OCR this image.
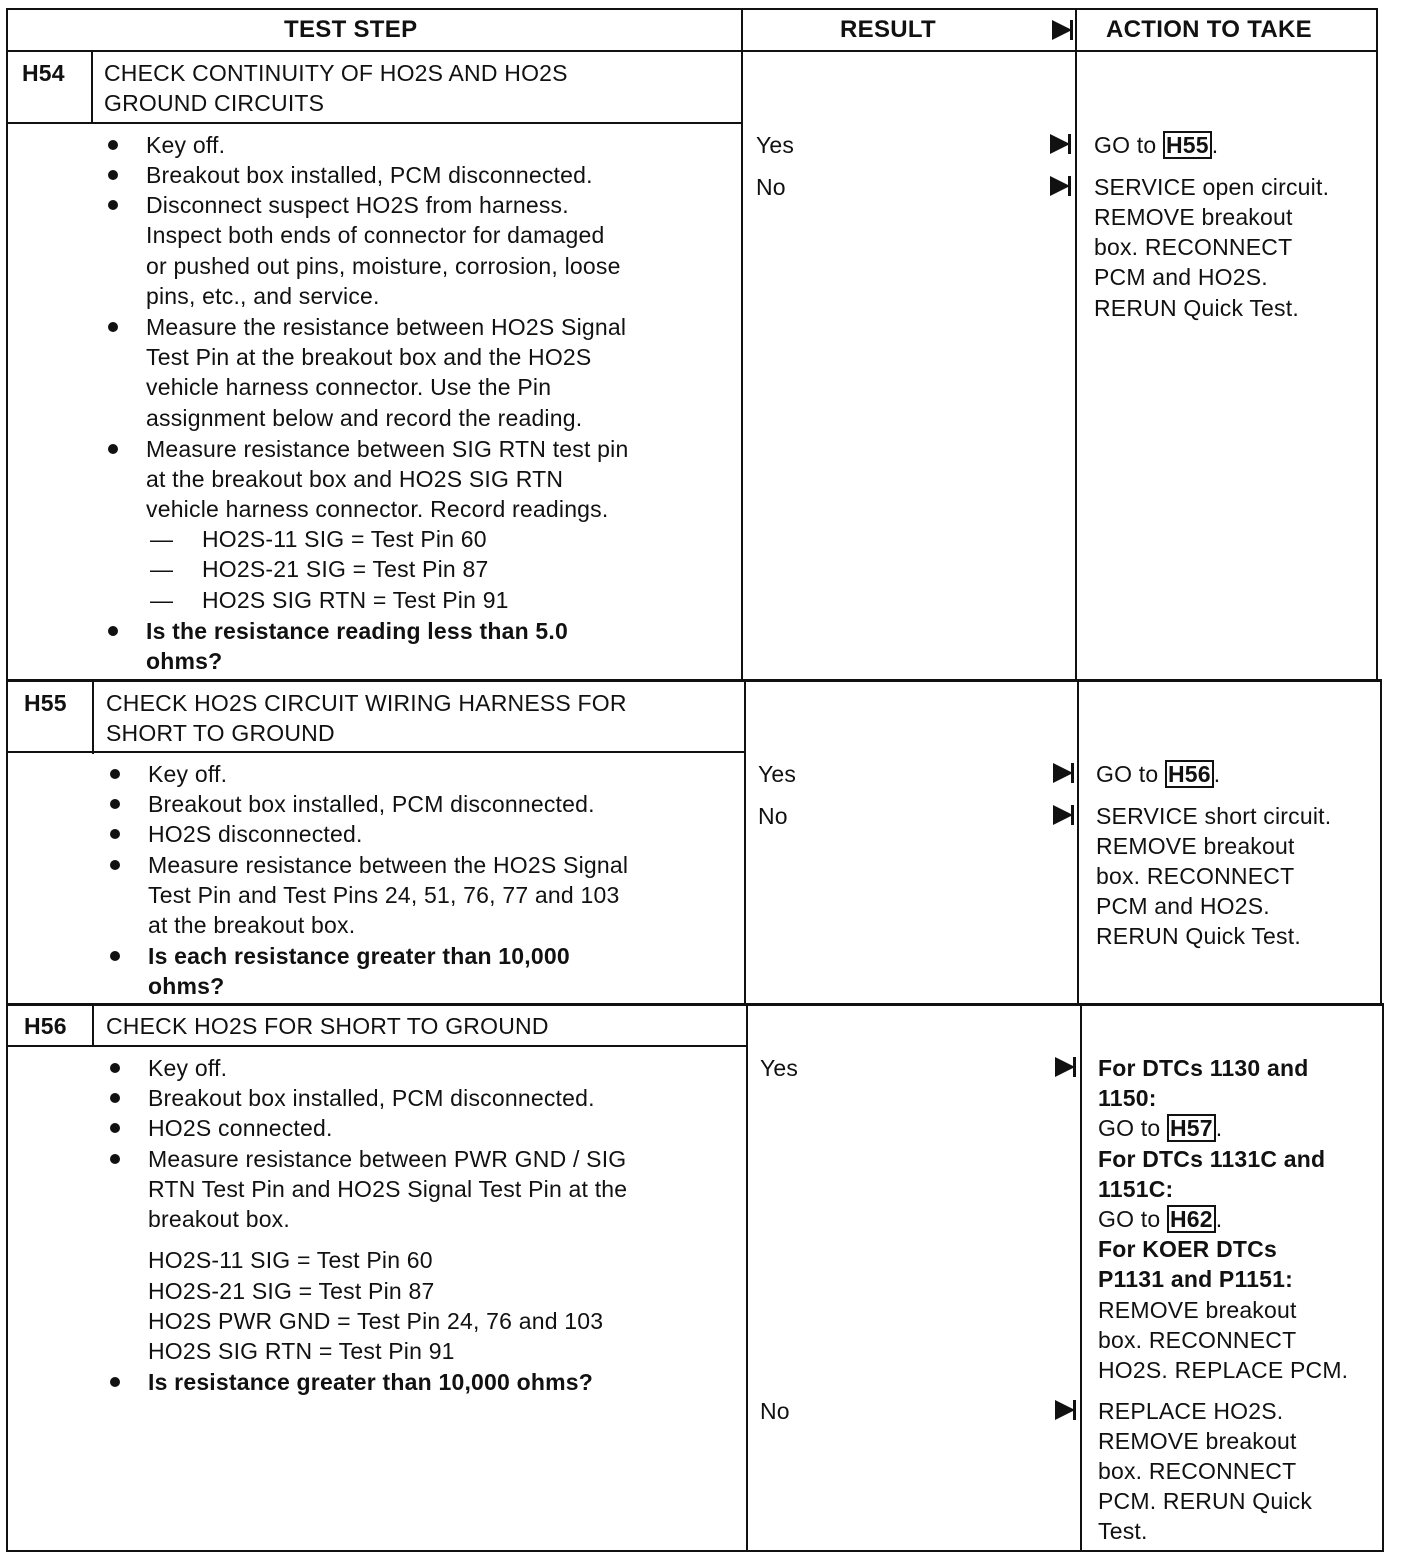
TEST STEP	RESULT	ACTION TO TAKE
H54 CHECK CONTINUITY OF HO2S AND HO2S
GROUND CIRCUITS
Key off.
Breakout box installed, PCM disconnected.
Disconnect suspect HO2S from harness.
Inspect both ends of connector for damaged
or pushed out pins, moisture, corrosion, loose
pins, etc., and service.
Measure the resistance between HO2S Signal
Test Pin at the breakout box and the HO2S
vehicle harness connector. Use the Pin
assignment below and record the reading.
Measure resistance between SIG RTN test pin
at the breakout box and HO2S SIG RTN
vehicle harness connector. Record readings.
— HO2S-11 SIG = Test Pin 60
— HO2S-21 SIG = Test Pin 87
— HO2S SIG RTN = Test Pin 91
Is the resistance reading less than 5.0
ohms?
Yes
No
GO to H55 .
SERVICE open circuit.
REMOVE breakout
box. RECONNECT
PCM and HO2S.
RERUN Quick Test.
H55 CHECK HO2S CIRCUIT WIRING HARNESS FOR
SHORT TO GROUND
Key off.
Breakout box installed, PCM disconnected.
HO2S disconnected.
Measure resistance between the HO2S Signal
Test Pin and Test Pins 24, 51, 76, 77 and 103
at the breakout box.
Is each resistance greater than 10,000
ohms?
Yes
No
GO to H56 .
SERVICE short circuit.
REMOVE breakout
box. RECONNECT
PCM and HO2S.
RERUN Quick Test.
H56 CHECK HO2S FOR SHORT TO GROUND
Key off.
Breakout box installed, PCM disconnected.
HO2S connected.
Measure resistance between PWR GND / SIG
RTN Test Pin and HO2S Signal Test Pin at the
breakout box.
HO2S-11 SIG = Test Pin 60
HO2S-21 SIG = Test Pin 87
HO2S PWR GND = Test Pin 24, 76 and 103
HO2S SIG RTN = Test Pin 91
Is resistance greater than 10,000 ohms?
Yes
No
For DTCs 1130 and
1150:
GO to H57 .
For DTCs 1131C and
1151C:
GO to H62 .
For KOER DTCs
P1131 and P1151:
REMOVE breakout
box. RECONNECT
HO2S. REPLACE PCM.
REPLACE HO2S.
REMOVE breakout
box. RECONNECT
PCM. RERUN Quick
Test.
